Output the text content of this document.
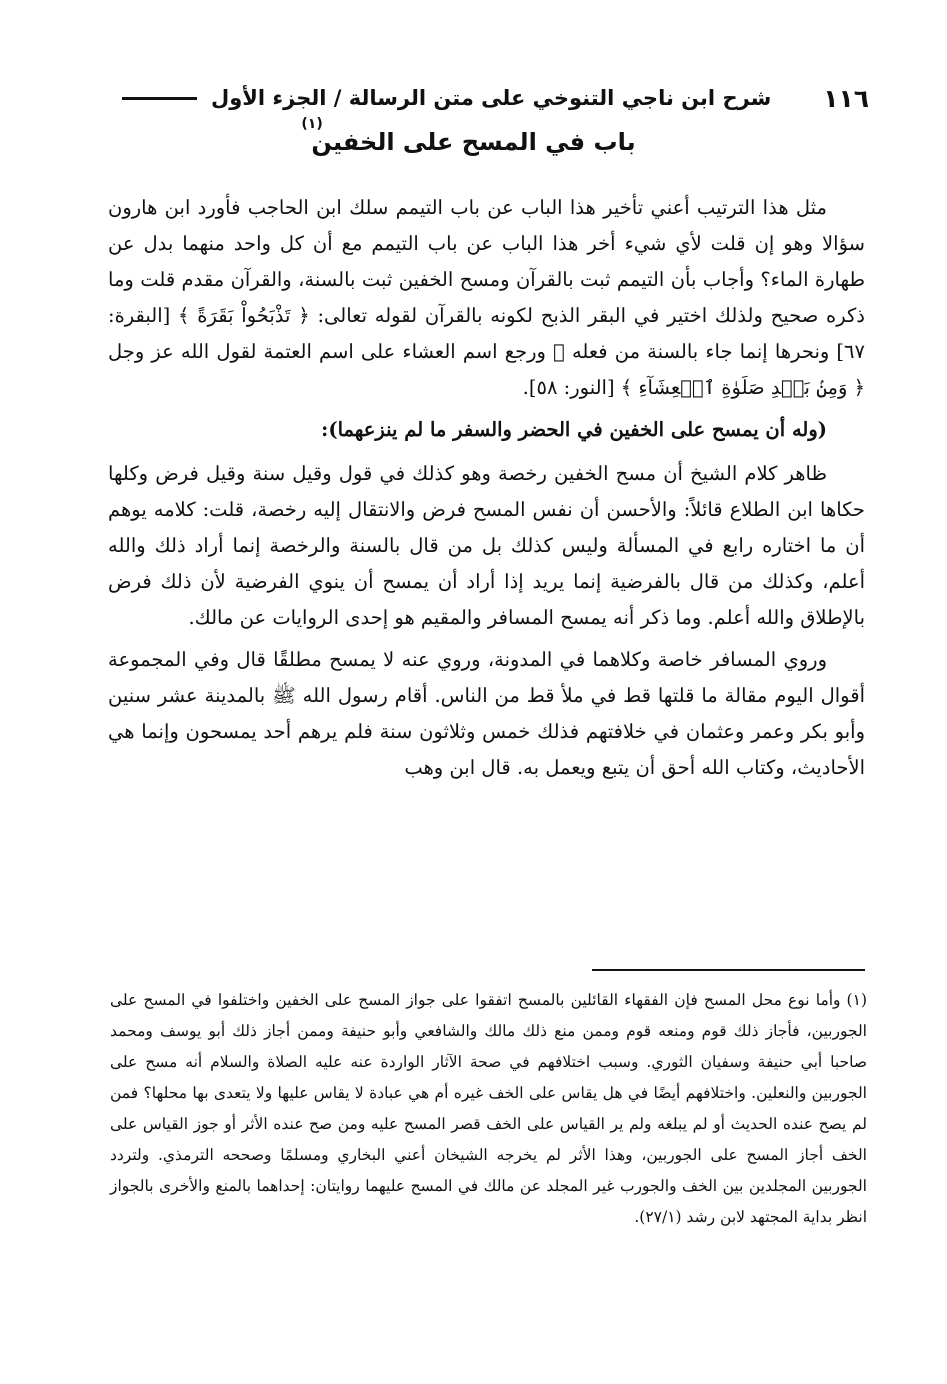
١١٦
شرح ابن ناجي التنوخي على متن الرسالة / الجزء الأول
باب في المسح على الخفين
(١)

مثل هذا الترتيب أعني تأخير هذا الباب عن باب التيمم سلك ابن الحاجب فأورد ابن هارون سؤالا وهو إن قلت لأي شيء أخر هذا الباب عن باب التيمم مع أن كل واحد منهما بدل عن طهارة الماء؟ وأجاب بأن التيمم ثبت بالقرآن ومسح الخفين ثبت بالسنة، والقرآن مقدم قلت وما ذكره صحيح ولذلك اختير في البقر الذبح لكونه بالقرآن لقوله تعالى: ﴿ تَذْبَحُواْ بَقَرَةً ﴾ [البقرة: ٦٧] ونحرها إنما جاء بالسنة من فعله ﷺ ورجع اسم العشاء على اسم العتمة لقول الله عز وجل ﴿ وَمِنۢ بَعۡدِ صَلَوٰةِ ٱلۡعِشَآءِ ﴾ [النور: ٥٨].

(وله أن يمسح على الخفين في الحضر والسفر ما لم ينزعهما):

ظاهر كلام الشيخ أن مسح الخفين رخصة وهو كذلك في قول وقيل سنة وقيل فرض وكلها حكاها ابن الطلاع قائلاً: والأحسن أن نفس المسح فرض والانتقال إليه رخصة، قلت: كلامه يوهم أن ما اختاره رابع في المسألة وليس كذلك بل من قال بالسنة والرخصة إنما أراد ذلك والله أعلم، وكذلك من قال بالفرضية إنما يريد إذا أراد أن يمسح أن ينوي الفرضية لأن ذلك فرض بالإطلاق والله أعلم. وما ذكر أنه يمسح المسافر والمقيم هو إحدى الروايات عن مالك.

وروي المسافر خاصة وكلاهما في المدونة، وروي عنه لا يمسح مطلقًا قال وفي المجموعة أقوال اليوم مقالة ما قلتها قط في ملأ قط من الناس. أقام رسول الله ﷺ بالمدينة عشر سنين وأبو بكر وعمر وعثمان في خلافتهم فذلك خمس وثلاثون سنة فلم يرهم أحد يمسحون وإنما هي الأحاديث، وكتاب الله أحق أن يتبع ويعمل به. قال ابن وهب

(١)وأما نوع محل المسح فإن الفقهاء القائلين بالمسح اتفقوا على جواز المسح على الخفين واختلفوا في المسح على الجوربين، فأجاز ذلك قوم ومنعه قوم وممن منع ذلك مالك والشافعي وأبو حنيفة وممن أجاز ذلك أبو يوسف ومحمد صاحبا أبي حنيفة وسفيان الثوري. وسبب اختلافهم في صحة الآثار الواردة عنه عليه الصلاة والسلام أنه مسح على الجوربين والنعلين. واختلافهم أيضًا في هل يقاس على الخف غيره أم هي عبادة لا يقاس عليها ولا يتعدى بها محلها؟ فمن لم يصح عنده الحديث أو لم يبلغه ولم ير القياس على الخف قصر المسح عليه ومن صح عنده الأثر أو جوز القياس على الخف أجاز المسح على الجوربين، وهذا الأثر لم يخرجه الشيخان أعني البخاري ومسلمًا وصححه الترمذي. ولتردد الجوربين المجلدين بين الخف والجورب غير المجلد عن مالك في المسح عليهما روايتان: إحداهما بالمنع والأخرى بالجواز انظر بداية المجتهد لابن رشد (٢٧/١).
